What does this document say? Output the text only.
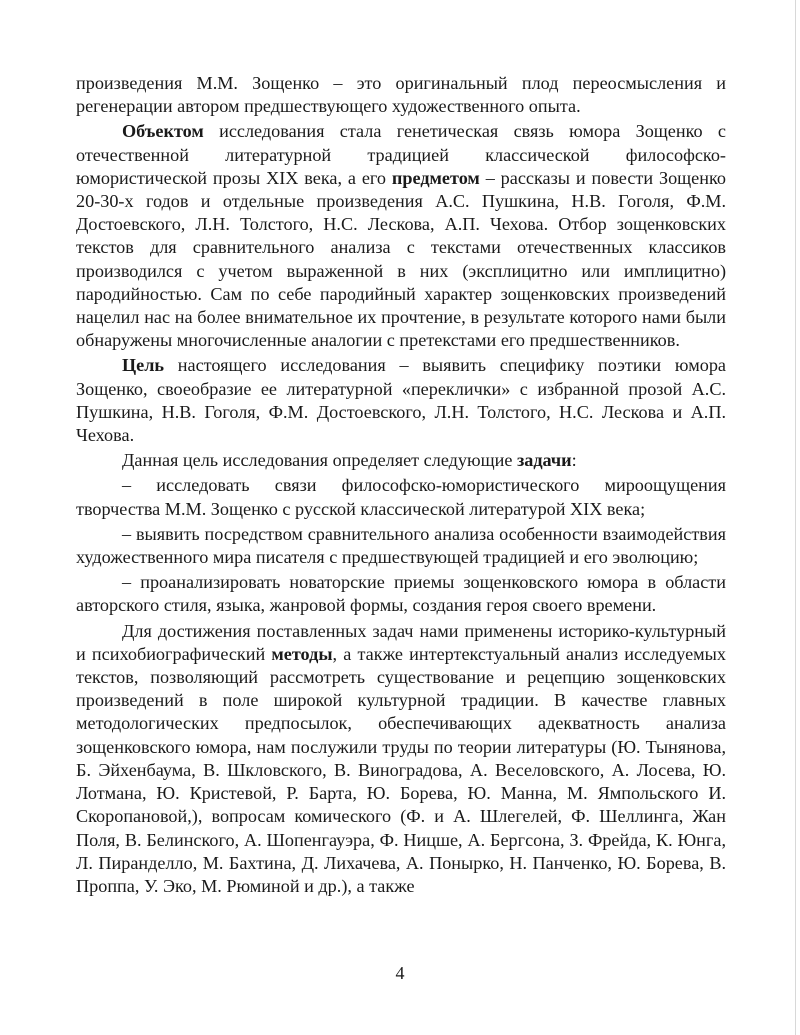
произведения М.М. Зощенко – это оригинальный плод переосмысления и регенерации автором предшествующего художественного опыта.

Объектом исследования стала генетическая связь юмора Зощенко с отечественной литературной традицией классической философско-юмористической прозы XIX века, а его предметом – рассказы и повести Зощенко 20-30-х годов и отдельные произведения А.С. Пушкина, Н.В. Гоголя, Ф.М. Достоевского, Л.Н. Толстого, Н.С. Лескова, А.П. Чехова. Отбор зощенковских текстов для сравнительного анализа с текстами отечественных классиков производился с учетом выраженной в них (эксплицитно или имплицитно) пародийностью. Сам по себе пародийный характер зощенковских произведений нацелил нас на более внимательное их прочтение, в результате которого нами были обнаружены многочисленные аналогии с претекстами его предшественников.

Цель настоящего исследования – выявить специфику поэтики юмора Зощенко, своеобразие ее литературной «переклички» с избранной прозой А.С. Пушкина, Н.В. Гоголя, Ф.М. Достоевского, Л.Н. Толстого, Н.С. Лескова и А.П. Чехова.

Данная цель исследования определяет следующие задачи:

– исследовать связи философско-юмористического мироощущения творчества М.М. Зощенко с русской классической литературой XIX века;

– выявить посредством сравнительного анализа особенности взаимодействия художественного мира писателя с предшествующей традицией и его эволюцию;

– проанализировать новаторские приемы зощенковского юмора в области авторского стиля, языка, жанровой формы, создания героя своего времени.

Для достижения поставленных задач нами применены историко-культурный и психобиографический методы, а также интертекстуальный анализ исследуемых текстов, позволяющий рассмотреть существование и рецепцию зощенковских произведений в поле широкой культурной традиции. В качестве главных методологических предпосылок, обеспечивающих адекватность анализа зощенковского юмора, нам послужили труды по теории литературы (Ю. Тынянова, Б. Эйхенбаума, В. Шкловского, В. Виноградова, А. Веселовского, А. Лосева, Ю. Лотмана, Ю. Кристевой, Р. Барта, Ю. Борева, Ю. Манна, М. Ямпольского И. Скоропановой,), вопросам комического (Ф. и А. Шлегелей, Ф. Шеллинга, Жан Поля, В. Белинского, А. Шопенгауэра, Ф. Ницше, А. Бергсона, З. Фрейда, К. Юнга, Л. Пиранделло, М. Бахтина, Д. Лихачева, А. Понырко, Н. Панченко, Ю. Борева, В. Проппа, У. Эко, М. Рюминой и др.), а также

4
